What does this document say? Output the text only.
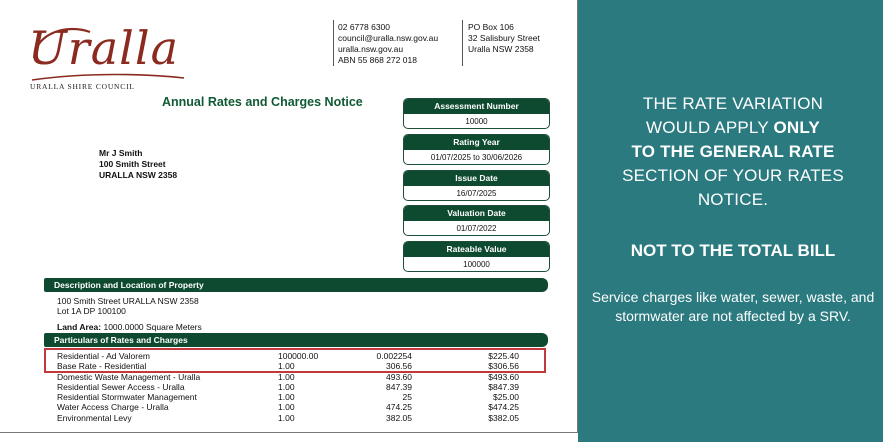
Uralla
URALLA SHIRE COUNCIL
02 6778 6300
council@uralla.nsw.gov.au
uralla.nsw.gov.au
ABN 55 868 272 018
PO Box 106
32 Salisbury Street
Uralla NSW 2358
Annual Rates and Charges Notice
Mr J Smith
100 Smith Street
URALLA NSW 2358
Assessment Number
10000
Rating Year
01/07/2025 to 30/06/2026
Issue Date
16/07/2025
Valuation Date
01/07/2022
Rateable Value
100000
Description and Location of Property
100 Smith Street URALLA NSW 2358
Lot 1A DP 100100
Land Area: 1000.0000 Square Meters
Particulars of Rates and Charges
Residential - Ad Valorem	100000.00	0.002254	$225.40
Base Rate - Residential	1.00	306.56	$306.56
Domestic Waste Management - Uralla	1.00	493.60	$493.60
Residential Sewer Access - Uralla	1.00	847.39	$847.39
Residential Stormwater Management	1.00	25	$25.00
Water Access Charge - Uralla	1.00	474.25	$474.25
Environmental Levy	1.00	382.05	$382.05
THE RATE VARIATION
WOULD APPLY ONLY
TO THE GENERAL RATE
SECTION OF YOUR RATES
NOTICE.
NOT TO THE TOTAL BILL
Service charges like water, sewer, waste, and stormwater are not affected by a SRV.
